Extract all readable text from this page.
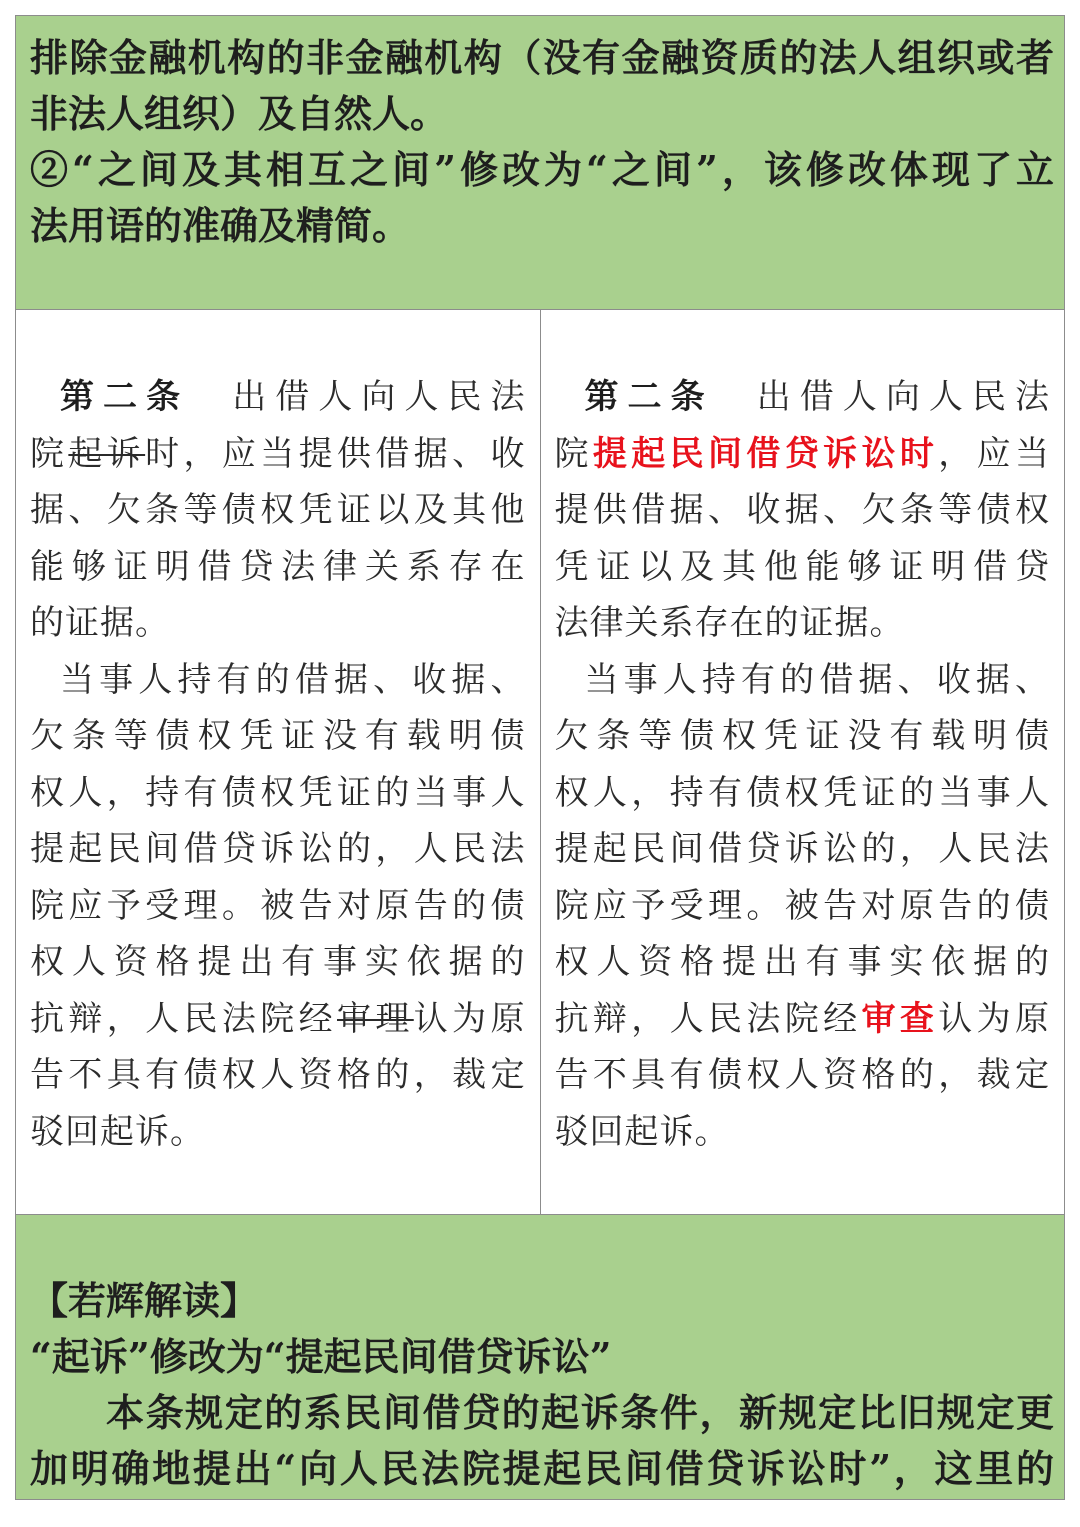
排除金融机构的非金融机构（没有金融资质的法人组织或者
非法人组织）及自然人。
②“之间及其相互之间”修改为“之间”，该修改体现了立
法用语的准确及精简。
第二条　出借人向人民法
院起诉时，应当提供借据、收
据、欠条等债权凭证以及其他
能够证明借贷法律关系存在
的证据。
当事人持有的借据、收据、
欠条等债权凭证没有载明债
权人，持有债权凭证的当事人
提起民间借贷诉讼的，人民法
院应予受理。被告对原告的债
权人资格提出有事实依据的
抗辩，人民法院经审理认为原
告不具有债权人资格的，裁定
驳回起诉。
第二条　出借人向人民法
院提起民间借贷诉讼时，应当
提供借据、收据、欠条等债权
凭证以及其他能够证明借贷
法律关系存在的证据。
当事人持有的借据、收据、
欠条等债权凭证没有载明债
权人，持有债权凭证的当事人
提起民间借贷诉讼的，人民法
院应予受理。被告对原告的债
权人资格提出有事实依据的
抗辩，人民法院经审查认为原
告不具有债权人资格的，裁定
驳回起诉。
【若辉解读】
“起诉”修改为“提起民间借贷诉讼”
本条规定的系民间借贷的起诉条件，新规定比旧规定更
加明确地提出“向人民法院提起民间借贷诉讼时”，这里的
